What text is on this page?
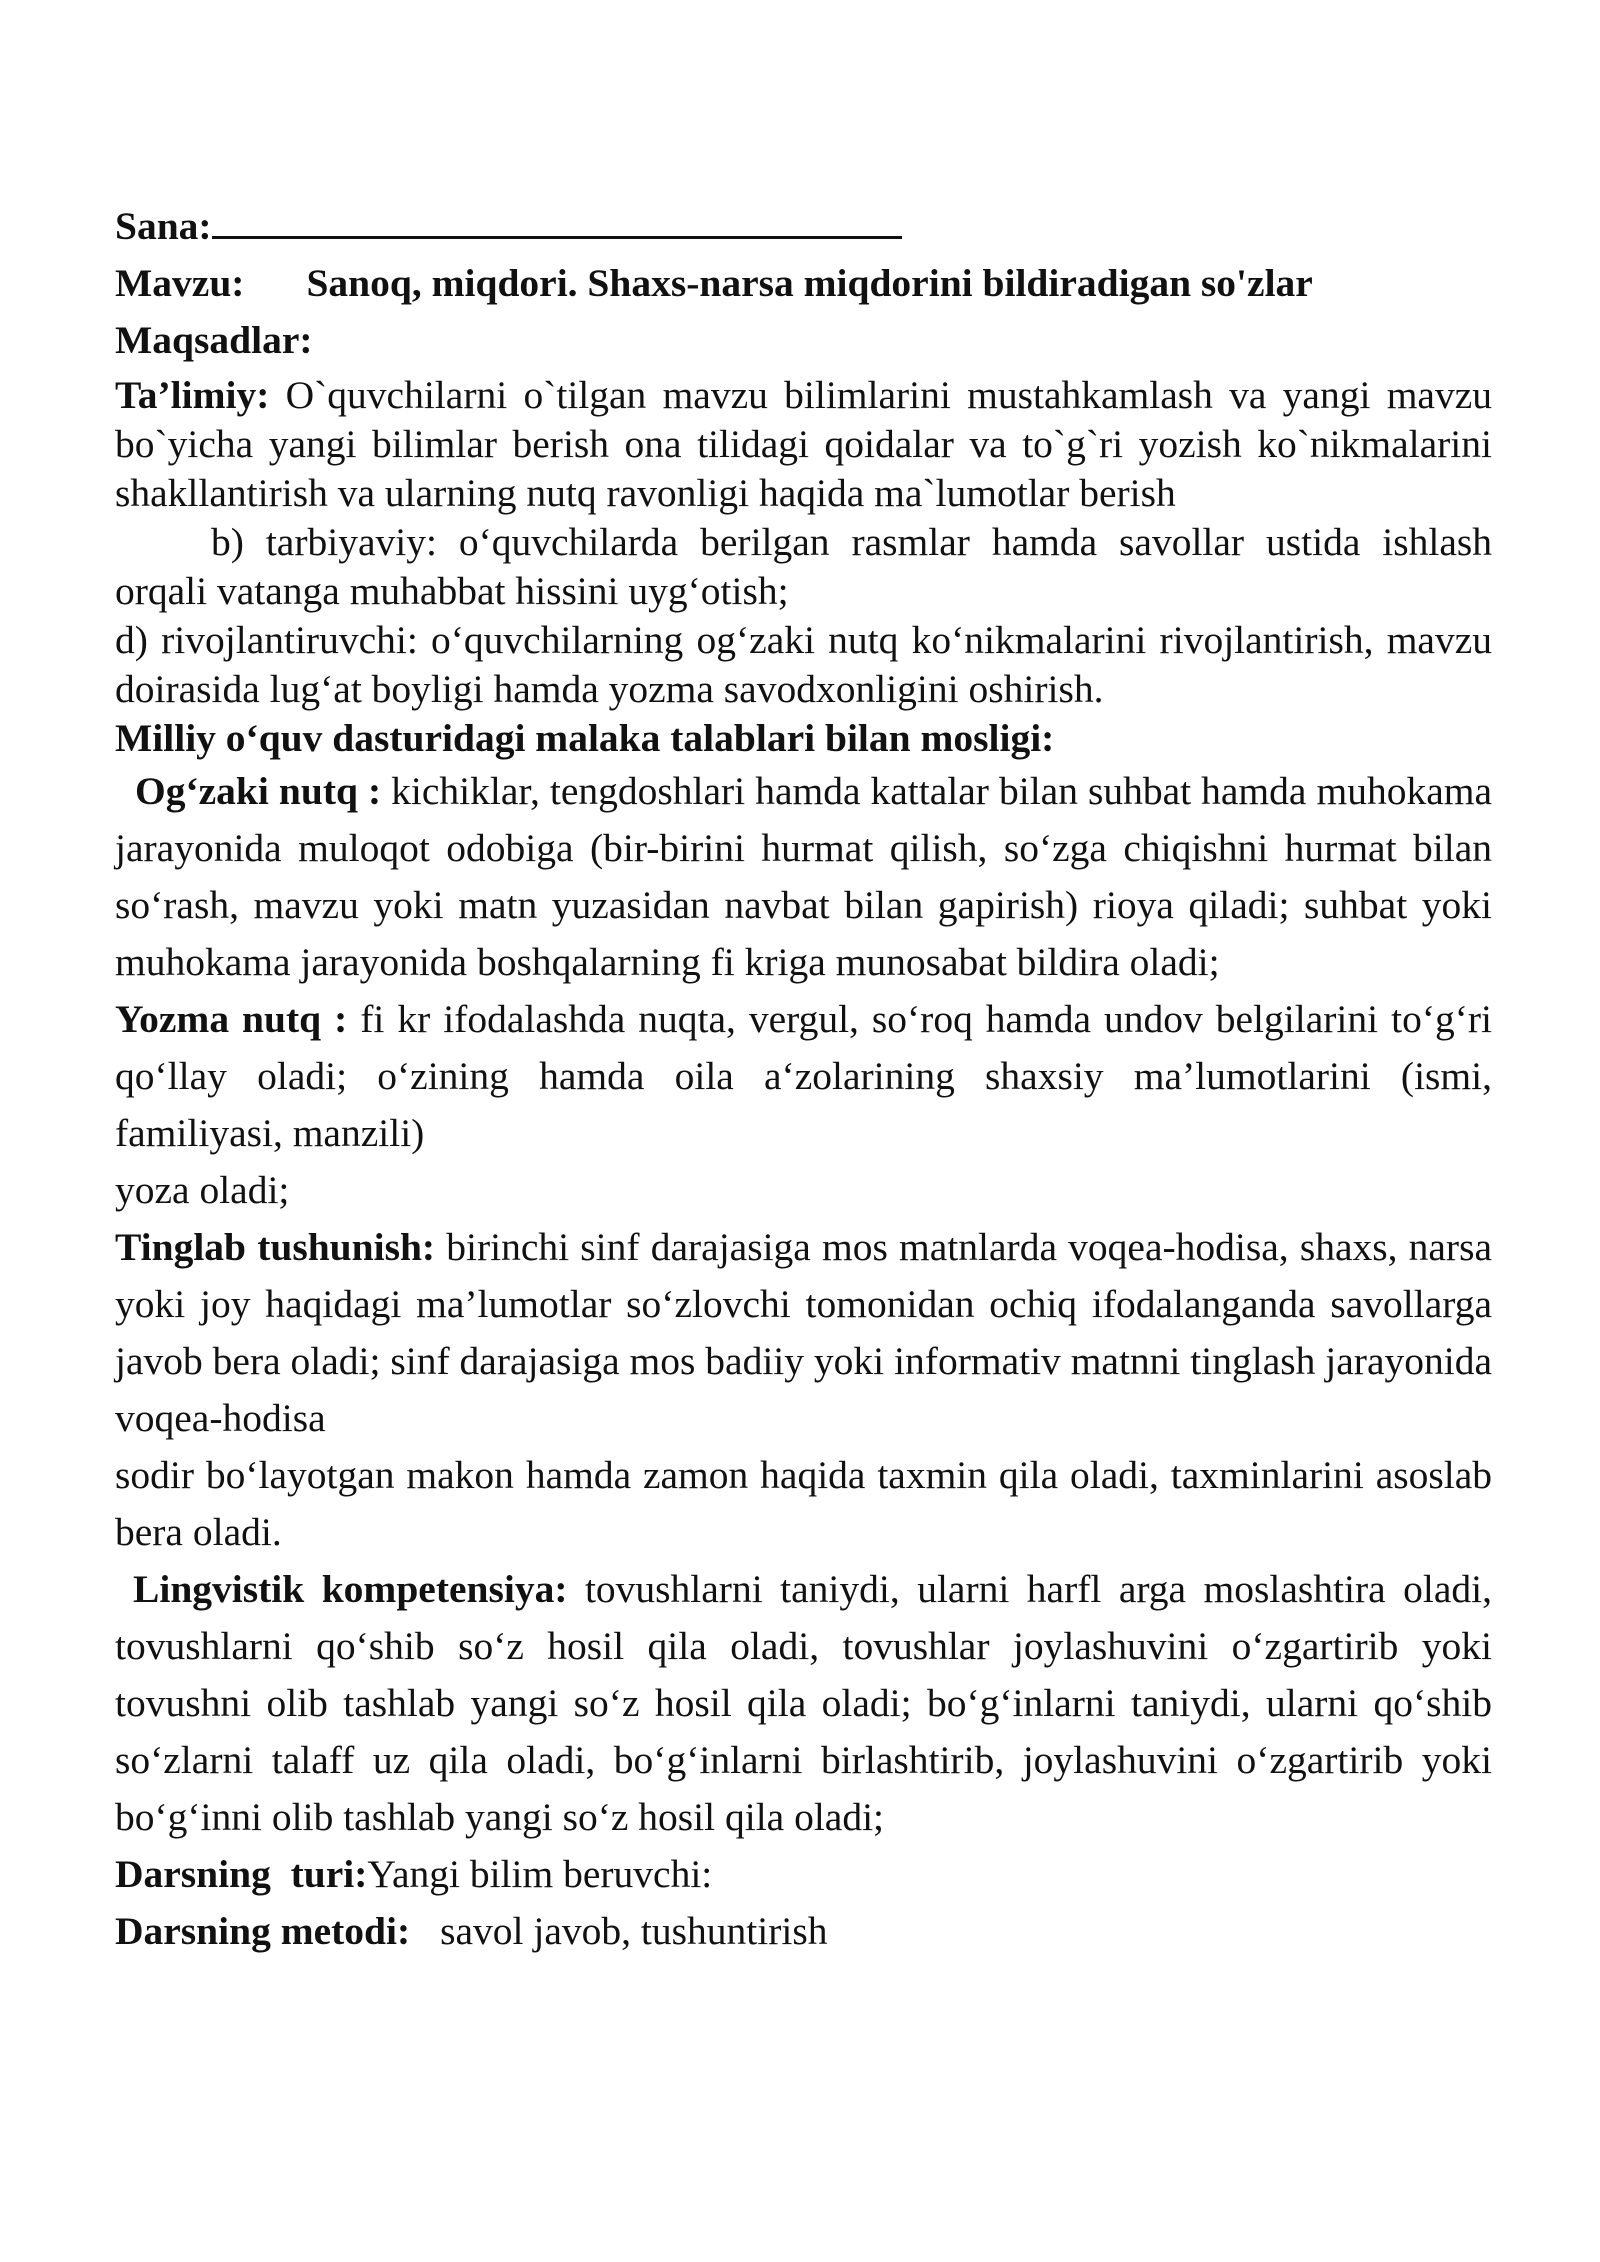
Sana:
Mavzu: Sanoq, miqdori. Shaxs-narsa miqdorini bildiradigan so'zlar
Maqsadlar:
Ta’limiy: O`quvchilarni o`tilgan mavzu bilimlarini mustahkamlash va yangi mavzu bo`yicha yangi bilimlar berish ona tilidagi qoidalar va to`g`ri yozish ko`nikmalarini shakllantirish va ularning nutq ravonligi haqida ma`lumotlar berish
b) tarbiyaviy: o‘quvchilarda berilgan rasmlar hamda savollar ustida ishlash orqali vatanga muhabbat hissini uyg‘otish;
d) rivojlantiruvchi: o‘quvchilarning og‘zaki nutq ko‘nikmalarini rivojlantirish, mavzu doirasida lug‘at boyligi hamda yozma savodxonligini oshirish.
Milliy o‘quv dasturidagi malaka talablari bilan mosligi:
Og‘zaki nutq : kichiklar, tengdoshlari hamda kattalar bilan suhbat hamda muhokama jarayonida muloqot odobiga (bir-birini hurmat qilish, so‘zga chiqishni hurmat bilan so‘rash, mavzu yoki matn yuzasidan navbat bilan gapirish) rioya qiladi; suhbat yoki muhokama jarayonida boshqalarning fi kriga munosabat bildira oladi;
Yozma nutq : fi kr ifodalashda nuqta, vergul, so‘roq hamda undov belgilarini to‘g‘ri qo‘llay oladi; o‘zining hamda oila a‘zolarining shaxsiy ma’lumotlarini (ismi, familiyasi, manzili)
yoza oladi;
Tinglab tushunish: birinchi sinf darajasiga mos matnlarda voqea-hodisa, shaxs, narsa yoki joy haqidagi ma’lumotlar so‘zlovchi tomonidan ochiq ifodalanganda savollarga javob bera oladi; sinf darajasiga mos badiiy yoki informativ matnni tinglash jarayonida voqea-hodisa
sodir bo‘layotgan makon hamda zamon haqida taxmin qila oladi, taxminlarini asoslab bera oladi.
Lingvistik kompetensiya: tovushlarni taniydi, ularni harfl arga moslashtira oladi, tovushlarni qo‘shib so‘z hosil qila oladi, tovushlar joylashuvini o‘zgartirib yoki tovushni olib tashlab yangi so‘z hosil qila oladi; bo‘g‘inlarni taniydi, ularni qo‘shib so‘zlarni talaff uz qila oladi, bo‘g‘inlarni birlashtirib, joylashuvini o‘zgartirib yoki bo‘g‘inni olib tashlab yangi so‘z hosil qila oladi;
Darsning  turi:Yangi bilim beruvchi:
Darsning metodi: savol javob, tushuntirish
